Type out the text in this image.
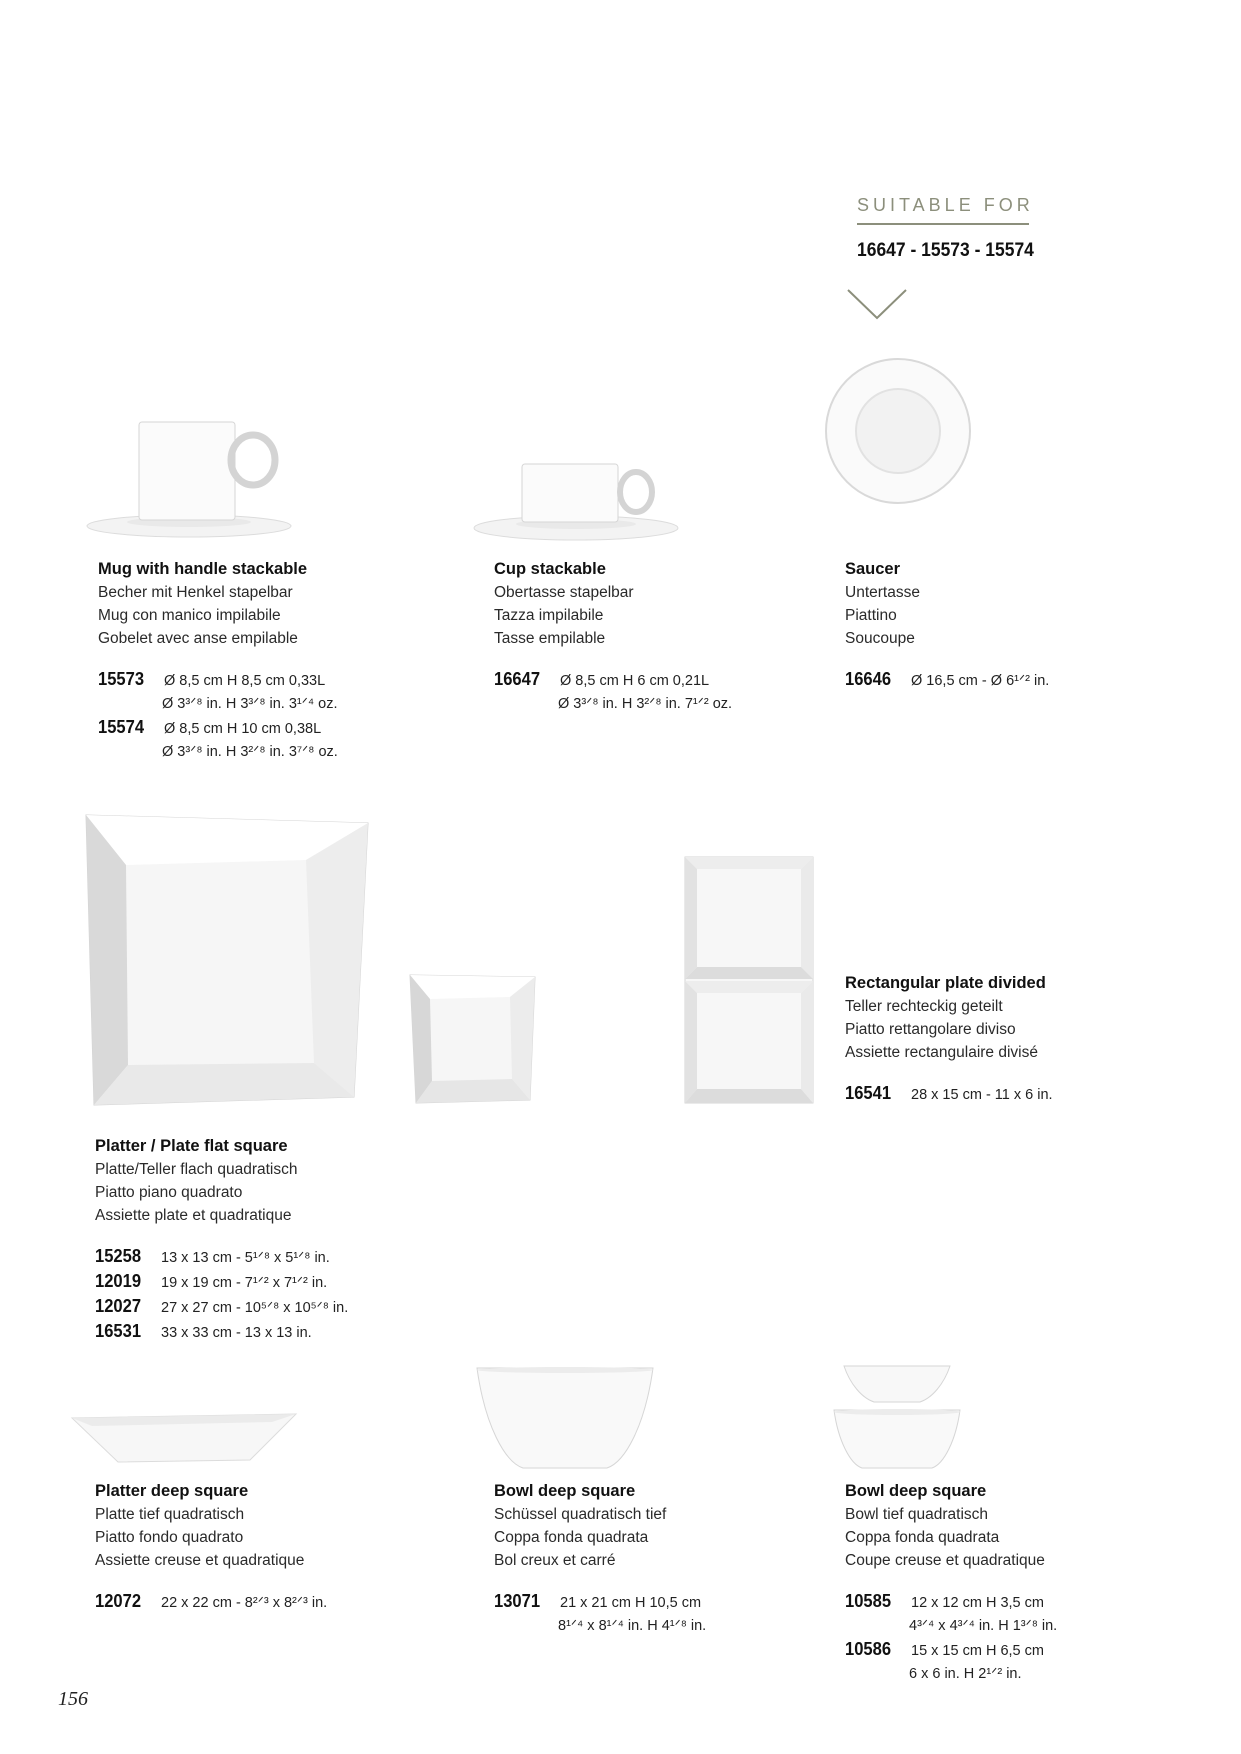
SUITABLE FOR
16647 - 15573 - 15574
Mug with handle stackable
Becher mit Henkel stapelbar
Mug con manico impilabile
Gobelet avec anse empilable
15573	Ø 8,5 cm H 8,5 cm 0,33L
Ø 3³ᐟ⁸ in. H 3³ᐟ⁸ in. 3¹ᐟ⁴ oz.
15574	Ø 8,5 cm H 10 cm 0,38L
Ø 3³ᐟ⁸ in. H 3²ᐟ⁸ in. 3⁷ᐟ⁸ oz.
Cup stackable
Obertasse stapelbar
Tazza impilabile
Tasse empilable
16647	Ø 8,5 cm H 6 cm 0,21L
Ø 3³ᐟ⁸ in. H 3²ᐟ⁸ in. 7¹ᐟ² oz.
Saucer
Untertasse
Piattino
Soucoupe
16646	Ø 16,5 cm - Ø 6¹ᐟ² in.
Rectangular plate divided
Teller rechteckig geteilt
Piatto rettangolare diviso
Assiette rectangulaire divisé
16541	28 x 15 cm - 11 x 6 in.
Platter / Plate flat square
Platte/Teller flach quadratisch
Piatto piano quadrato
Assiette plate et quadratique
15258	13 x 13 cm - 5¹ᐟ⁸ x 5¹ᐟ⁸ in.
12019	19 x 19 cm - 7¹ᐟ² x 7¹ᐟ² in.
12027	27 x 27 cm - 10⁵ᐟ⁸ x 10⁵ᐟ⁸ in.
16531	33 x 33 cm - 13 x 13 in.
Platter deep square
Platte tief quadratisch
Piatto fondo quadrato
Assiette creuse et quadratique
12072	22 x 22 cm - 8²ᐟ³ x 8²ᐟ³ in.
Bowl deep square
Schüssel quadratisch tief
Coppa fonda quadrata
Bol creux et carré
13071	21 x 21 cm H 10,5 cm
8¹ᐟ⁴ x 8¹ᐟ⁴ in. H 4¹ᐟ⁸ in.
Bowl deep square
Bowl tief quadratisch
Coppa fonda quadrata
Coupe creuse et quadratique
10585	12 x 12 cm H 3,5 cm
4³ᐟ⁴ x 4³ᐟ⁴ in. H 1³ᐟ⁸ in.
10586	15 x 15 cm H 6,5 cm
6 x 6 in. H 2¹ᐟ² in.
156
